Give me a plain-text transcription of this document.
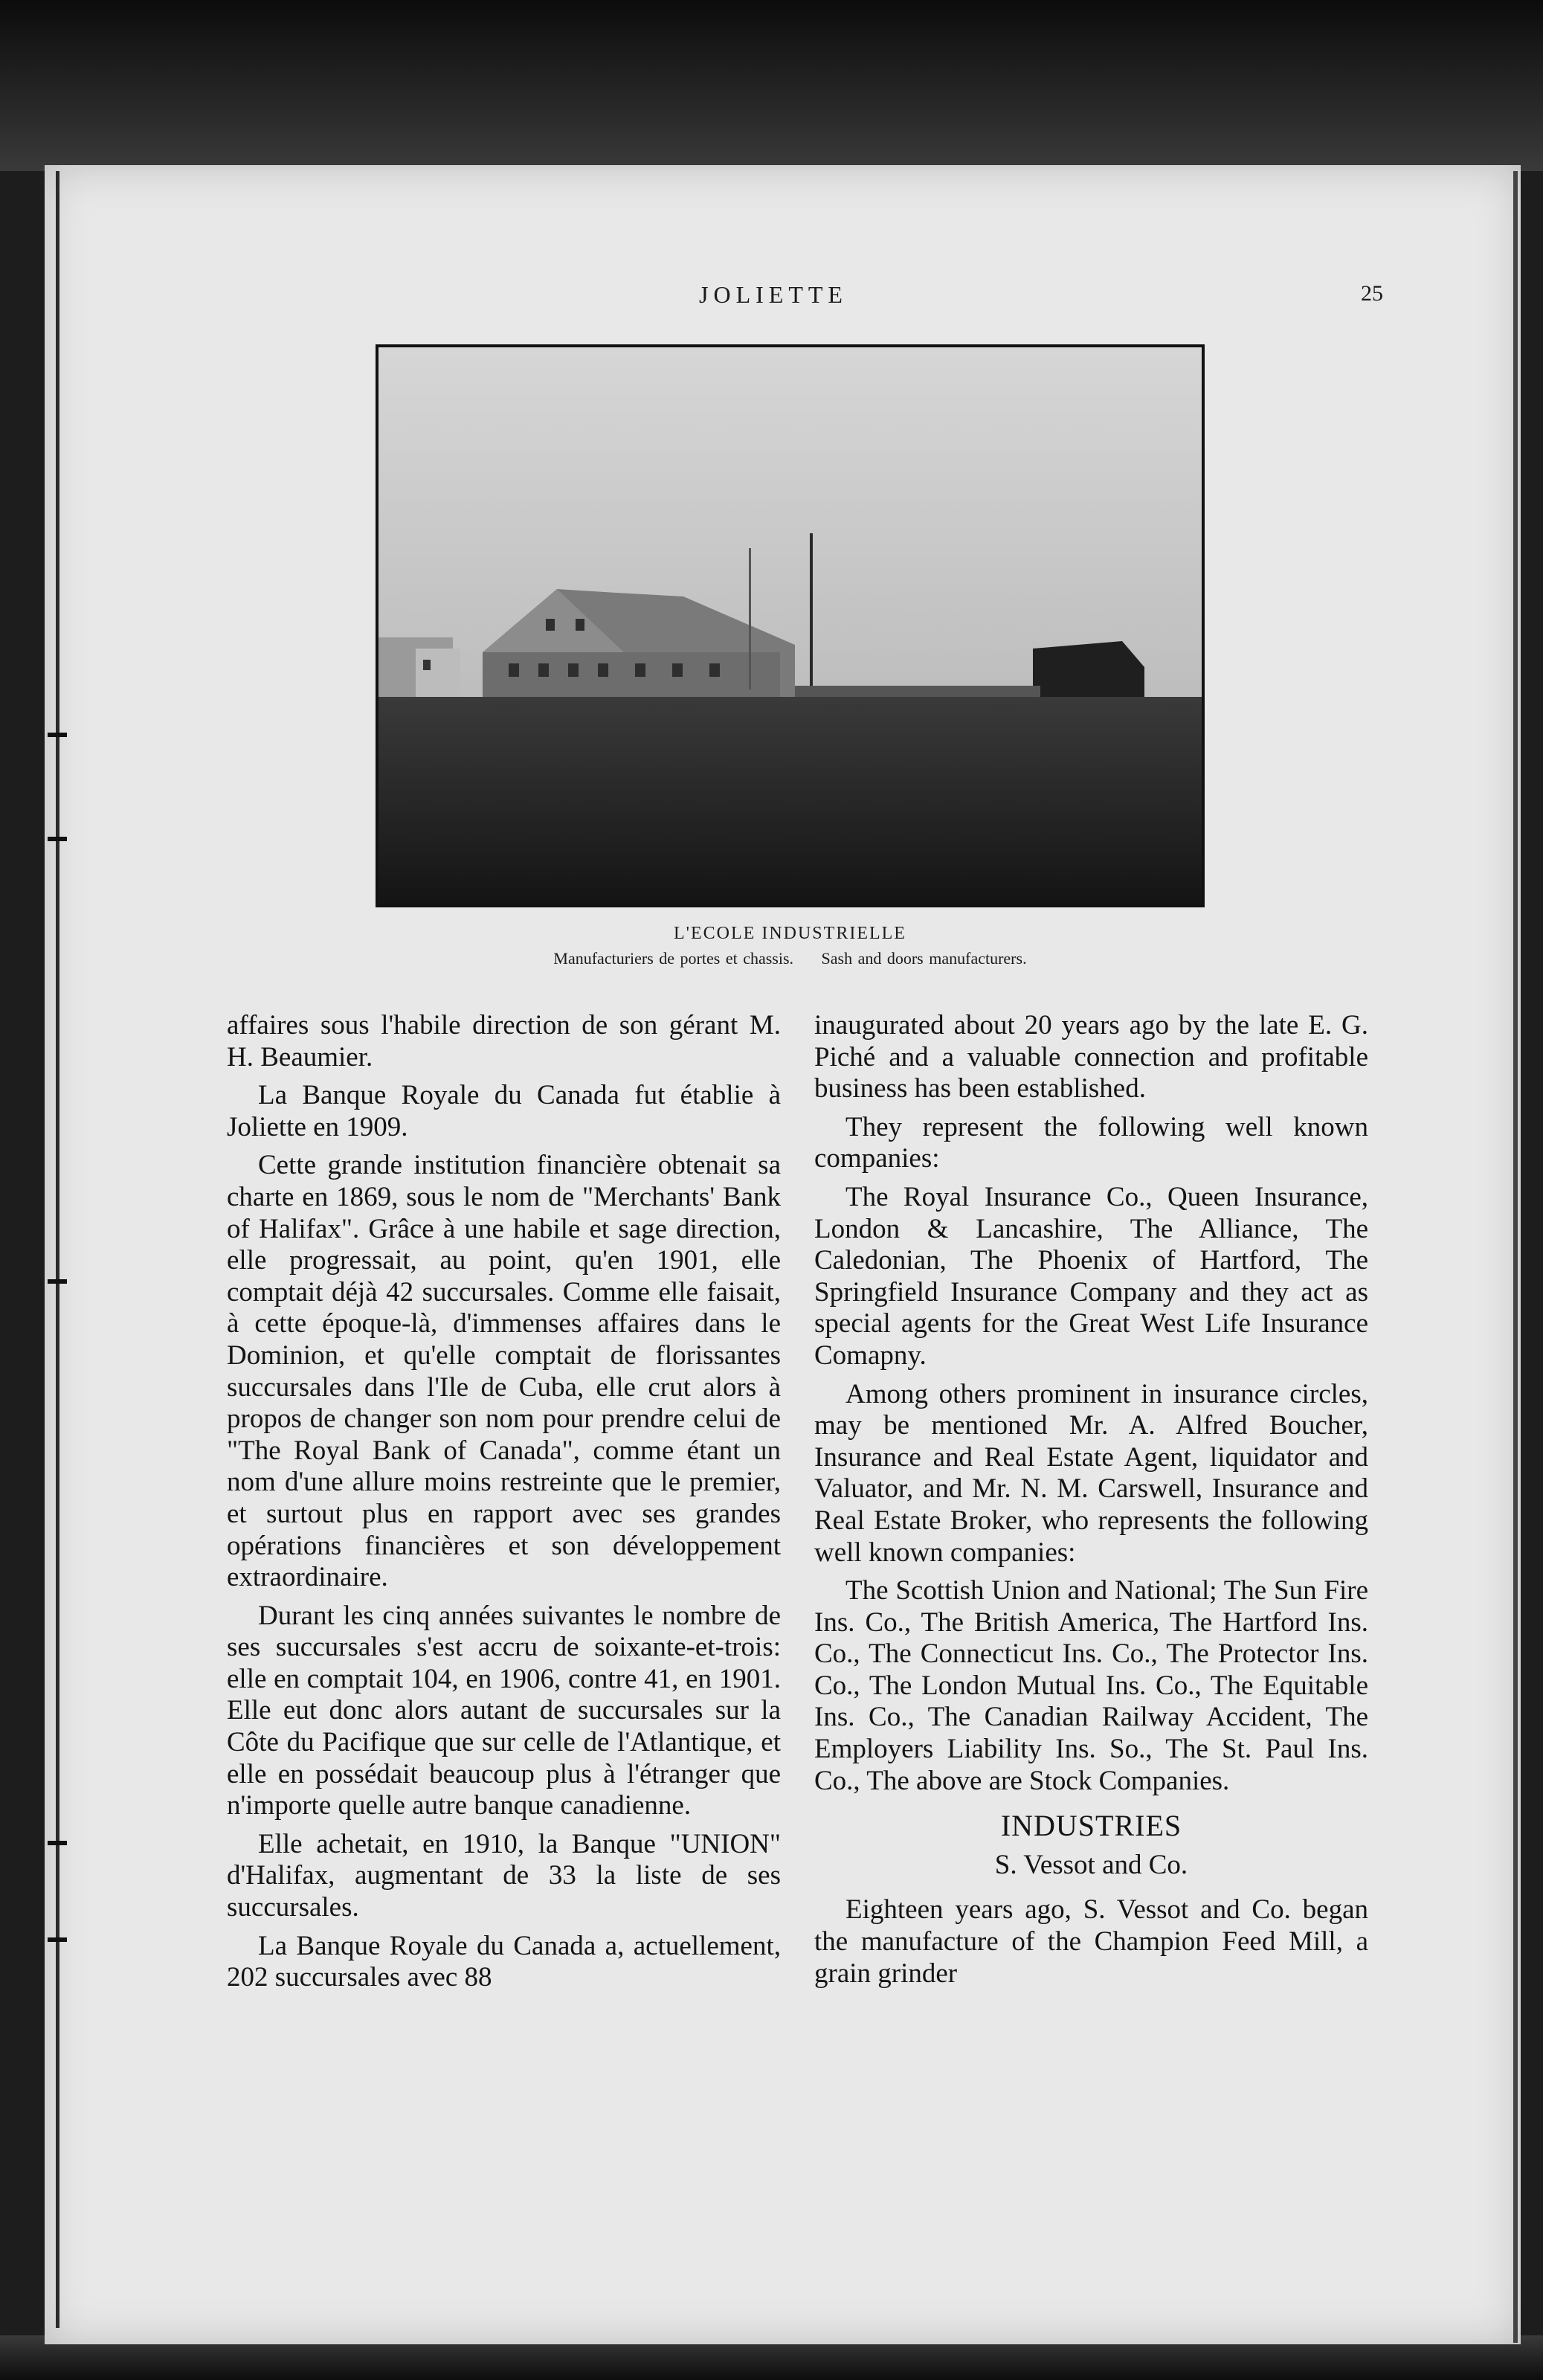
JOLIETTE	25
L'ECOLE INDUSTRIELLE
Manufacturiers de portes et chassis. Sash and doors manufacturers.

affaires sous l'habile direction de son gérant M. H. Beaumier.

La Banque Royale du Canada fut établie à Joliette en 1909.

Cette grande institution financière obtenait sa charte en 1869, sous le nom de "Merchants' Bank of Halifax". Grâce à une habile et sage direction, elle progressait, au point, qu'en 1901, elle comptait déjà 42 succursales. Comme elle faisait, à cette époque-là, d'immenses affaires dans le Dominion, et qu'elle comptait de florissantes succursales dans l'Ile de Cuba, elle crut alors à propos de changer son nom pour prendre celui de "The Royal Bank of Canada", comme étant un nom d'une allure moins restreinte que le premier, et surtout plus en rapport avec ses grandes opérations financières et son développement extraordinaire.

Durant les cinq années suivantes le nombre de ses succursales s'est accru de soixante-et-trois: elle en comptait 104, en 1906, contre 41, en 1901. Elle eut donc alors autant de succursales sur la Côte du Pacifique que sur celle de l'Atlantique, et elle en possédait beaucoup plus à l'étranger que n'importe quelle autre banque canadienne.

Elle achetait, en 1910, la Banque "UNION" d'Halifax, augmentant de 33 la liste de ses succursales.

La Banque Royale du Canada a, actuellement, 202 succursales avec 88

inaugurated about 20 years ago by the late E. G. Piché and a valuable connection and profitable business has been established.

They represent the following well known companies:

The Royal Insurance Co., Queen Insurance, London & Lancashire, The Alliance, The Caledonian, The Phoenix of Hartford, The Springfield Insurance Company and they act as special agents for the Great West Life Insurance Comapny.

Among others prominent in insurance circles, may be mentioned Mr. A. Alfred Boucher, Insurance and Real Estate Agent, liquidator and Valuator, and Mr. N. M. Carswell, Insurance and Real Estate Broker, who represents the following well known companies:

The Scottish Union and National; The Sun Fire Ins. Co., The British America, The Hartford Ins. Co., The Connecticut Ins. Co., The Protector Ins. Co., The London Mutual Ins. Co., The Equitable Ins. Co., The Canadian Railway Accident, The Employers Liability Ins. So., The St. Paul Ins. Co., The above are Stock Companies.

INDUSTRIES
S. Vessot and Co.

Eighteen years ago, S. Vessot and Co. began the manufacture of the Champion Feed Mill, a grain grinder
